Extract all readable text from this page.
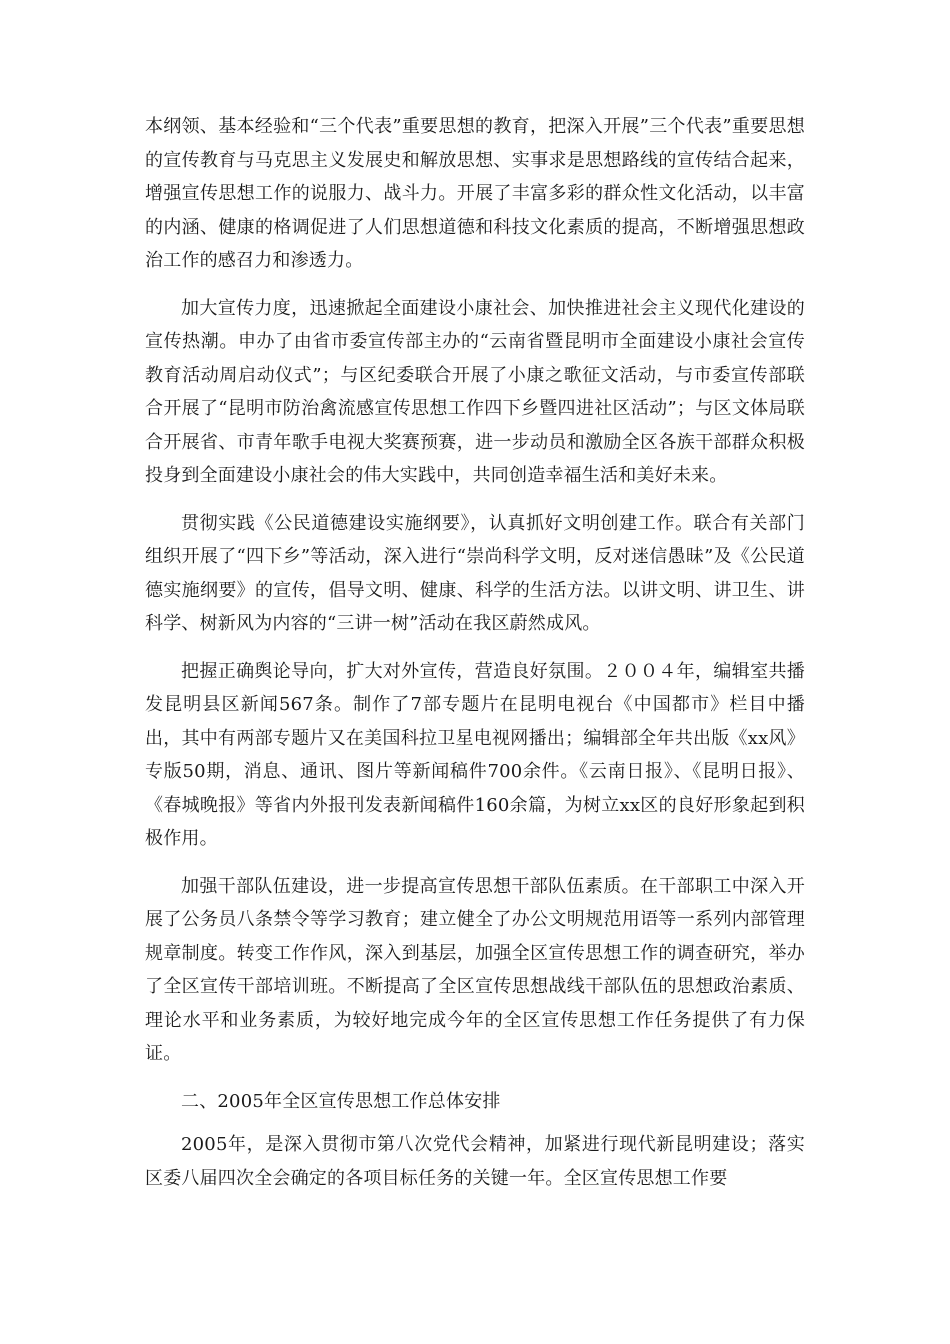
本纲领、基本经验和“三个代表”重要思想的教育，把深入开展”三个代表”重要思想的宣传教育与马克思主义发展史和解放思想、实事求是思想路线的宣传结合起来，增强宣传思想工作的说服力、战斗力。开展了丰富多彩的群众性文化活动，以丰富的内涵、健康的格调促进了人们思想道德和科技文化素质的提高，不断增强思想政治工作的感召力和渗透力。

加大宣传力度，迅速掀起全面建设小康社会、加快推进社会主义现代化建设的宣传热潮。申办了由省市委宣传部主办的“云南省暨昆明市全面建设小康社会宣传教育活动周启动仪式”；与区纪委联合开展了小康之歌征文活动，与市委宣传部联合开展了“昆明市防治禽流感宣传思想工作四下乡暨四进社区活动”；与区文体局联合开展省、市青年歌手电视大奖赛预赛，进一步动员和激励全区各族干部群众积极投身到全面建设小康社会的伟大实践中，共同创造幸福生活和美好未来。

贯彻实践《公民道德建设实施纲要》，认真抓好文明创建工作。联合有关部门组织开展了“四下乡”等活动，深入进行“崇尚科学文明，反对迷信愚昧”及《公民道德实施纲要》的宣传，倡导文明、健康、科学的生活方法。以讲文明、讲卫生、讲科学、树新风为内容的“三讲一树”活动在我区蔚然成风。

把握正确舆论导向，扩大对外宣传，营造良好氛围。２００４年，编辑室共播发昆明县区新闻567条。制作了7部专题片在昆明电视台《中国都市》栏目中播出，其中有两部专题片又在美国科拉卫星电视网播出；编辑部全年共出版《xx风》专版50期，消息、通讯、图片等新闻稿件700余件。《云南日报》、《昆明日报》、《春城晚报》等省内外报刊发表新闻稿件160余篇，为树立xx区的良好形象起到积极作用。

加强干部队伍建设，进一步提高宣传思想干部队伍素质。在干部职工中深入开展了公务员八条禁令等学习教育；建立健全了办公文明规范用语等一系列内部管理规章制度。转变工作作风，深入到基层，加强全区宣传思想工作的调查研究，举办了全区宣传干部培训班。不断提高了全区宣传思想战线干部队伍的思想政治素质、理论水平和业务素质，为较好地完成今年的全区宣传思想工作任务提供了有力保证。

二、2005年全区宣传思想工作总体安排

2005年，是深入贯彻市第八次党代会精神，加紧进行现代新昆明建设；落实区委八届四次全会确定的各项目标任务的关键一年。全区宣传思想工作要
